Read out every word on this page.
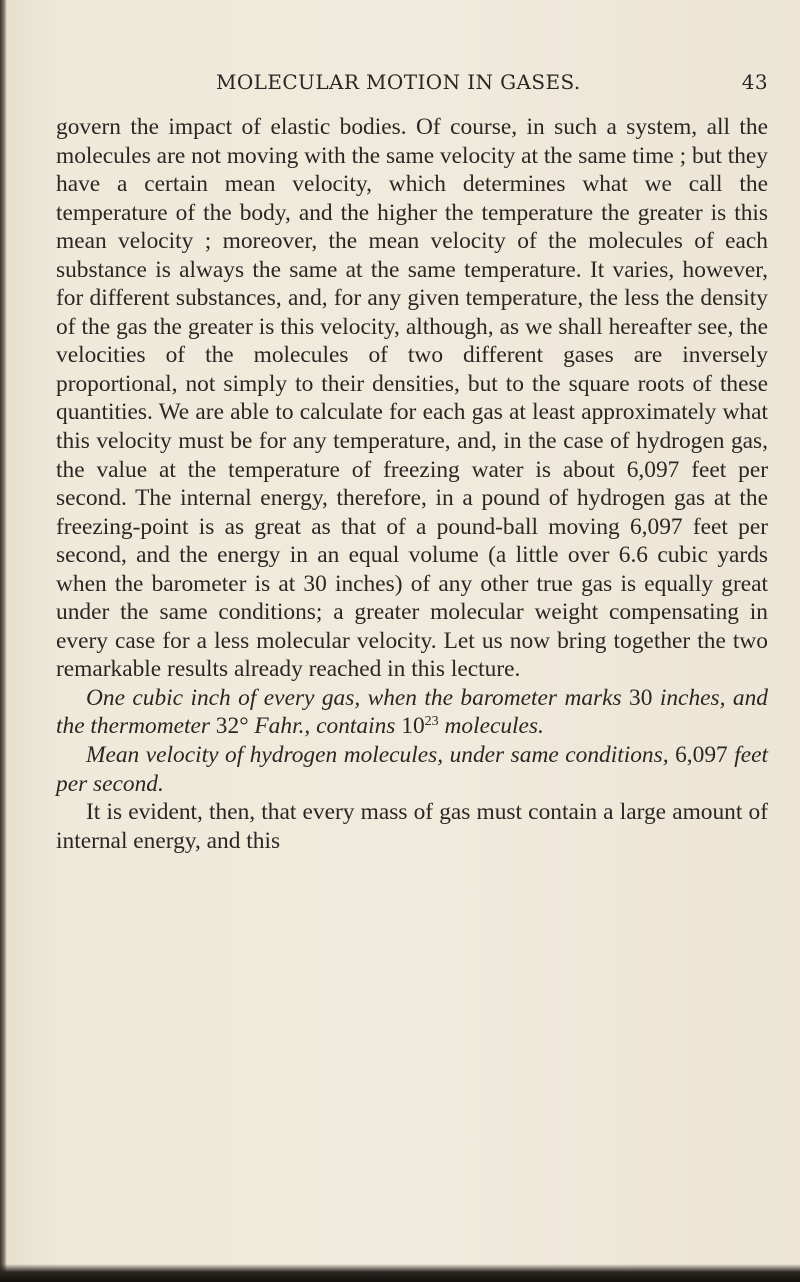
MOLECULAR MOTION IN GASES.	43

govern the impact of elastic bodies. Of course, in such a system, all the molecules are not moving with the same velocity at the same time ; but they have a certain mean velocity, which determines what we call the temperature of the body, and the higher the temperature the greater is this mean velocity ; moreover, the mean velocity of the molecules of each substance is always the same at the same temperature. It varies, however, for different substances, and, for any given temperature, the less the density of the gas the greater is this velocity, although, as we shall hereafter see, the velocities of the molecules of two different gases are inversely proportional, not simply to their densities, but to the square roots of these quantities. We are able to calculate for each gas at least approximately what this velocity must be for any temperature, and, in the case of hydrogen gas, the value at the temperature of freezing water is about 6,097 feet per second. The internal energy, therefore, in a pound of hydrogen gas at the freezing-point is as great as that of a pound-ball moving 6,097 feet per second, and the energy in an equal volume (a little over 6.6 cubic yards when the barometer is at 30 inches) of any other true gas is equally great under the same conditions; a greater molecular weight compensating in every case for a less molecular velocity. Let us now bring together the two remarkable results already reached in this lecture.

One cubic inch of every gas, when the barometer marks 30 inches, and the thermometer 32° Fahr., contains $10^{23}$ molecules.

Mean velocity of hydrogen molecules, under same conditions, 6,097 feet per second.

It is evident, then, that every mass of gas must contain a large amount of internal energy, and this
